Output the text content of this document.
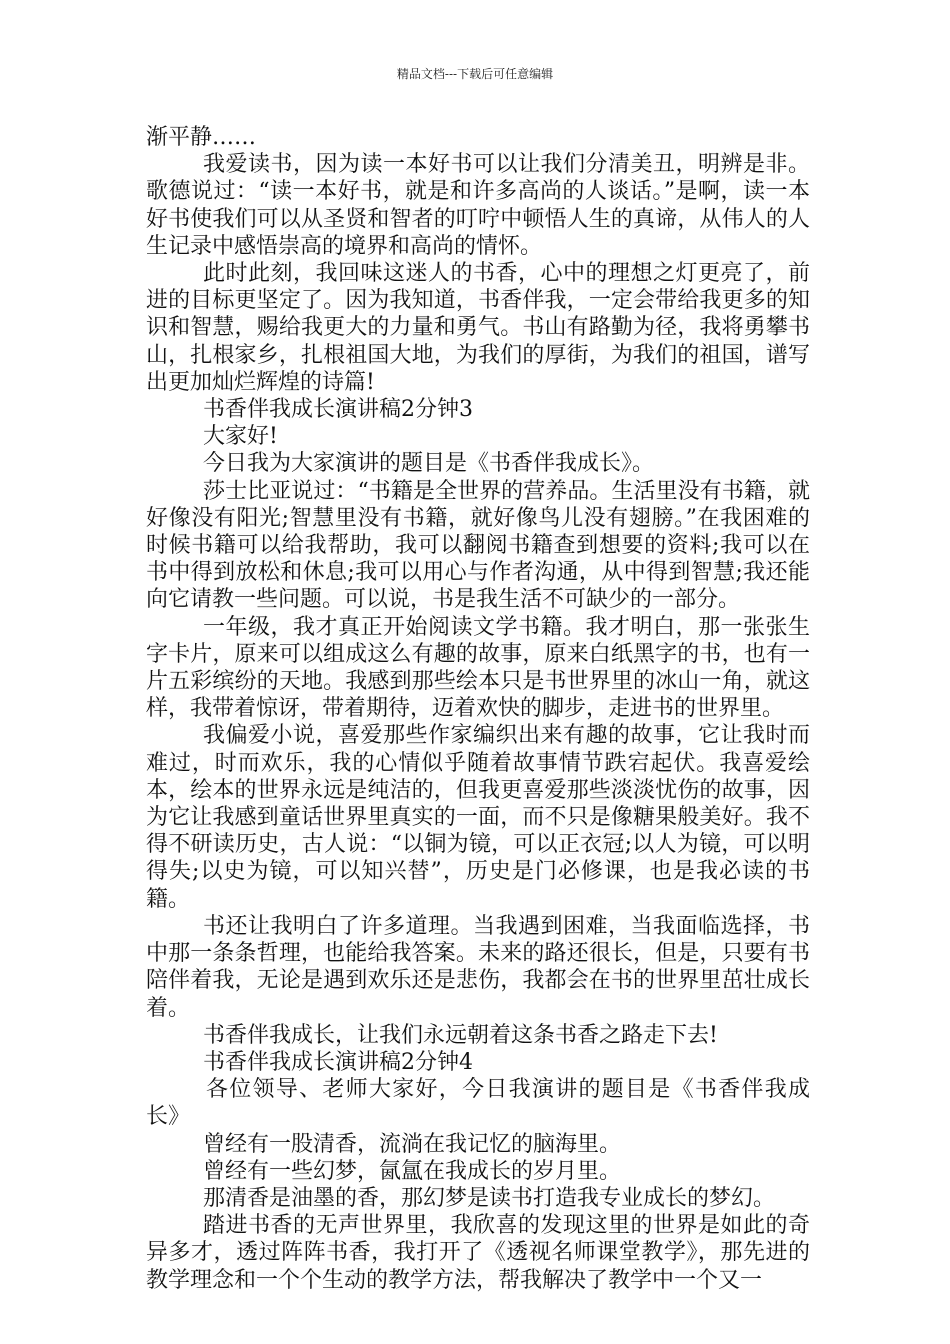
精品文档---下载后可任意编辑

渐平静……

我爱读书，因为读一本好书可以让我们分清美丑，明辨是非。歌德说过：“读一本好书，就是和许多高尚的人谈话。”是啊，读一本好书使我们可以从圣贤和智者的叮咛中顿悟人生的真谛，从伟人的人生记录中感悟崇高的境界和高尚的情怀。

此时此刻，我回味这迷人的书香，心中的理想之灯更亮了，前进的目标更坚定了。因为我知道，书香伴我，一定会带给我更多的知识和智慧，赐给我更大的力量和勇气。书山有路勤为径，我将勇攀书山，扎根家乡，扎根祖国大地，为我们的厚街，为我们的祖国，谱写出更加灿烂辉煌的诗篇!

书香伴我成长演讲稿2分钟3

大家好!

今日我为大家演讲的题目是《书香伴我成长》。

莎士比亚说过：“书籍是全世界的营养品。生活里没有书籍，就好像没有阳光;智慧里没有书籍，就好像鸟儿没有翅膀。”在我困难的时候书籍可以给我帮助，我可以翻阅书籍查到想要的资料;我可以在书中得到放松和休息;我可以用心与作者沟通，从中得到智慧;我还能向它请教一些问题。可以说，书是我生活不可缺少的一部分。

一年级，我才真正开始阅读文学书籍。我才明白，那一张张生字卡片，原来可以组成这么有趣的故事，原来白纸黑字的书，也有一片五彩缤纷的天地。我感到那些绘本只是书世界里的冰山一角，就这样，我带着惊讶，带着期待，迈着欢快的脚步，走进书的世界里。

我偏爱小说，喜爱那些作家编织出来有趣的故事，它让我时而难过，时而欢乐，我的心情似乎随着故事情节跌宕起伏。我喜爱绘本，绘本的世界永远是纯洁的，但我更喜爱那些淡淡忧伤的故事，因为它让我感到童话世界里真实的一面，而不只是像糖果般美好。我不得不研读历史，古人说：“以铜为镜，可以正衣冠;以人为镜，可以明得失;以史为镜，可以知兴替”，历史是门必修课，也是我必读的书籍。

书还让我明白了许多道理。当我遇到困难，当我面临选择，书中那一条条哲理，也能给我答案。未来的路还很长，但是，只要有书陪伴着我，无论是遇到欢乐还是悲伤，我都会在书的世界里茁壮成长着。

书香伴我成长，让我们永远朝着这条书香之路走下去!

书香伴我成长演讲稿2分钟4

各位领导、老师大家好，今日我演讲的题目是《书香伴我成长》

曾经有一股清香，流淌在我记忆的脑海里。

曾经有一些幻梦，氤氲在我成长的岁月里。

那清香是油墨的香，那幻梦是读书打造我专业成长的梦幻。

踏进书香的无声世界里，我欣喜的发现这里的世界是如此的奇异多才，透过阵阵书香，我打开了《透视名师课堂教学》，那先进的教学理念和一个个生动的教学方法，帮我解决了教学中一个又一
